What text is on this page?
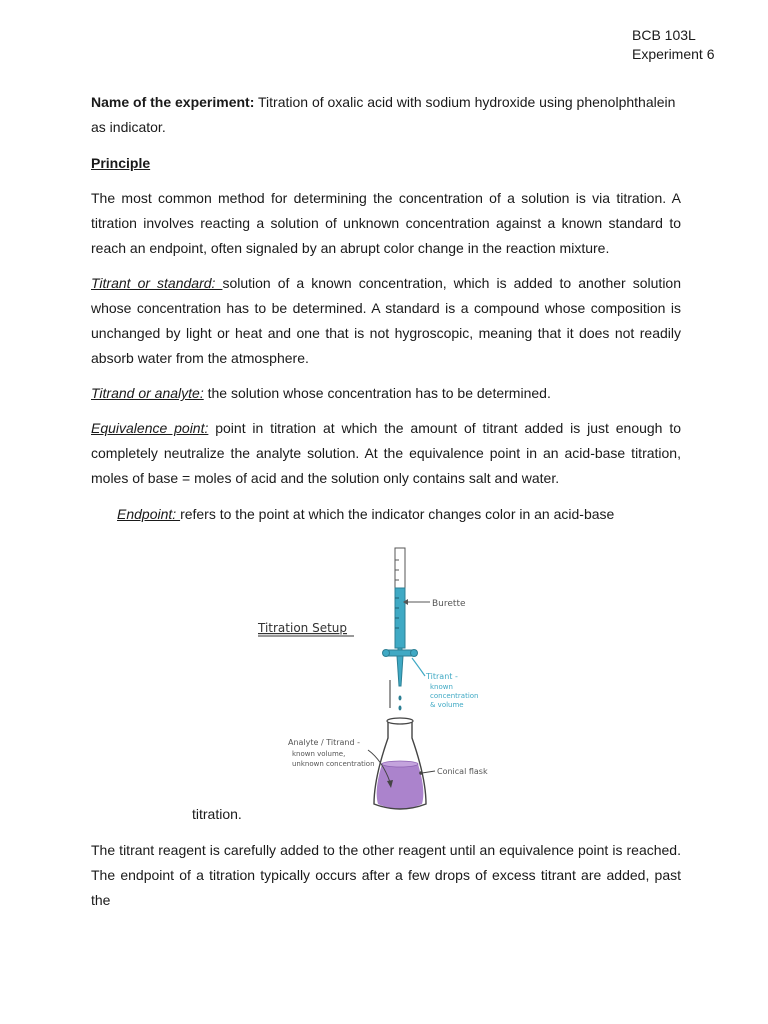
BCB 103L
Experiment 6
Name of the experiment: Titration of oxalic acid with sodium hydroxide using phenolphthalein as indicator.
Principle
The most common method for determining the concentration of a solution is via titration. A titration involves reacting a solution of unknown concentration against a known standard to reach an endpoint, often signaled by an abrupt color change in the reaction mixture.
Titrant or standard: solution of a known concentration, which is added to another solution whose concentration has to be determined. A standard is a compound whose composition is unchanged by light or heat and one that is not hygroscopic, meaning that it does not readily absorb water from the atmosphere.
Titrand or analyte: the solution whose concentration has to be determined.
Equivalence point: point in titration at which the amount of titrant added is just enough to completely neutralize the analyte solution. At the equivalence point in an acid-base titration, moles of base = moles of acid and the solution only contains salt and water.
Endpoint: refers to the point at which the indicator changes color in an acid-base
Titration Setup
Burette
Titrant -
known
concentration
& volume
Analyte / Titrand -
known volume,
unknown concentration
Conical flask
titration.
The titrant reagent is carefully added to the other reagent until an equivalence point is reached. The endpoint of a titration typically occurs after a few drops of excess titrant are added, past the
